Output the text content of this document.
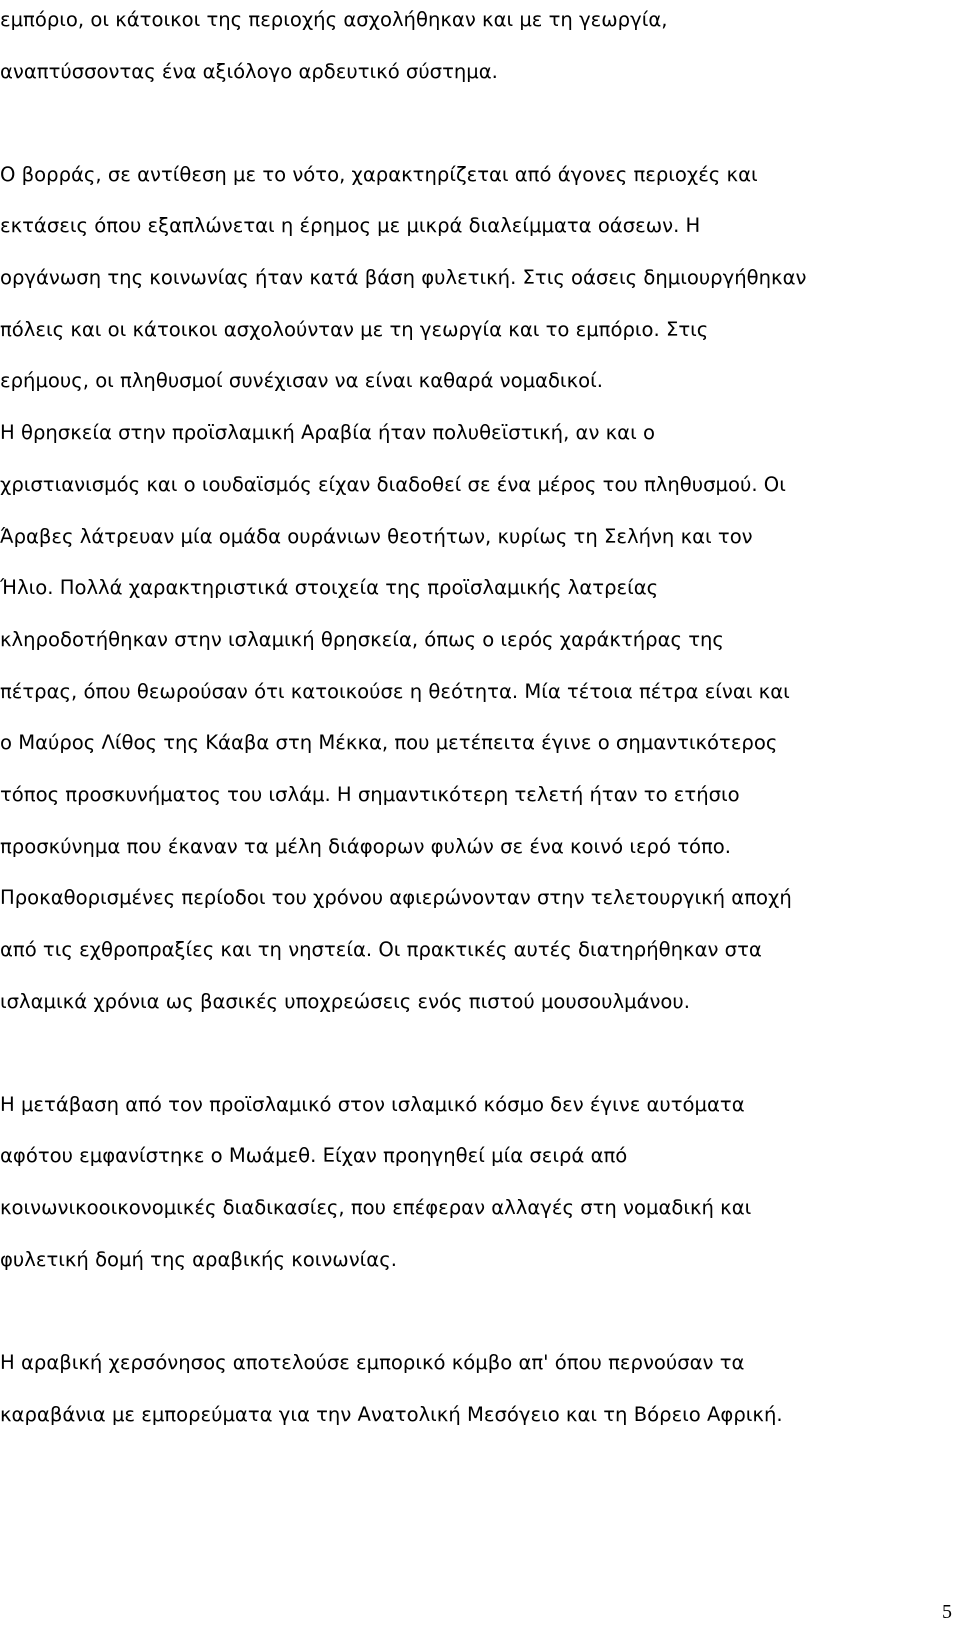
εμπόριο, οι κάτοικοι της περιοχής ασχολήθηκαν και με τη γεωργία,
αναπτύσσοντας ένα αξιόλογο αρδευτικό σύστημα.
Ο βορράς, σε αντίθεση με το νότο, χαρακτηρίζεται από άγονες περιοχές και
εκτάσεις όπου εξαπλώνεται η έρημος με μικρά διαλείμματα οάσεων. Η
οργάνωση της κοινωνίας ήταν κατά βάση φυλετική. Στις οάσεις δημιουργήθηκαν
πόλεις και οι κάτοικοι ασχολούνταν με τη γεωργία και το εμπόριο. Στις
ερήμους, οι πληθυσμοί συνέχισαν να είναι καθαρά νομαδικοί.
Η θρησκεία στην προϊσλαμική Αραβία ήταν πολυθεϊστική, αν και ο
χριστιανισμός και ο ιουδαϊσμός είχαν διαδοθεί σε ένα μέρος του πληθυσμού. Οι
Άραβες λάτρευαν μία ομάδα ουράνιων θεοτήτων, κυρίως τη Σελήνη και τον
Ήλιο. Πολλά χαρακτηριστικά στοιχεία της προϊσλαμικής λατρείας
κληροδοτήθηκαν στην ισλαμική θρησκεία, όπως ο ιερός χαράκτήρας της
πέτρας, όπου θεωρούσαν ότι κατοικούσε η θεότητα. Μία τέτοια πέτρα είναι και
ο Μαύρος Λίθος της Κάαβα στη Μέκκα, που μετέπειτα έγινε ο σημαντικότερος
τόπος προσκυνήματος του ισλάμ. Η σημαντικότερη τελετή ήταν το ετήσιο
προσκύνημα που έκαναν τα μέλη διάφορων φυλών σε ένα κοινό ιερό τόπο.
Προκαθορισμένες περίοδοι του χρόνου αφιερώνονταν στην τελετουργική αποχή
από τις εχθροπραξίες και τη νηστεία. Οι πρακτικές αυτές διατηρήθηκαν στα
ισλαμικά χρόνια ως βασικές υποχρεώσεις ενός πιστού μουσουλμάνου.
Η μετάβαση από τον προϊσλαμικό στον ισλαμικό κόσμο δεν έγινε αυτόματα
αφότου εμφανίστηκε ο Μωάμεθ. Είχαν προηγηθεί μία σειρά από
κοινωνικοοικονομικές διαδικασίες, που επέφεραν αλλαγές στη νομαδική και
φυλετική δομή της αραβικής κοινωνίας.
Η αραβική χερσόνησος αποτελούσε εμπορικό κόμβο απ' όπου περνούσαν τα
καραβάνια με εμπορεύματα για την Ανατολική Μεσόγειο και τη Βόρειο Αφρική.
5
